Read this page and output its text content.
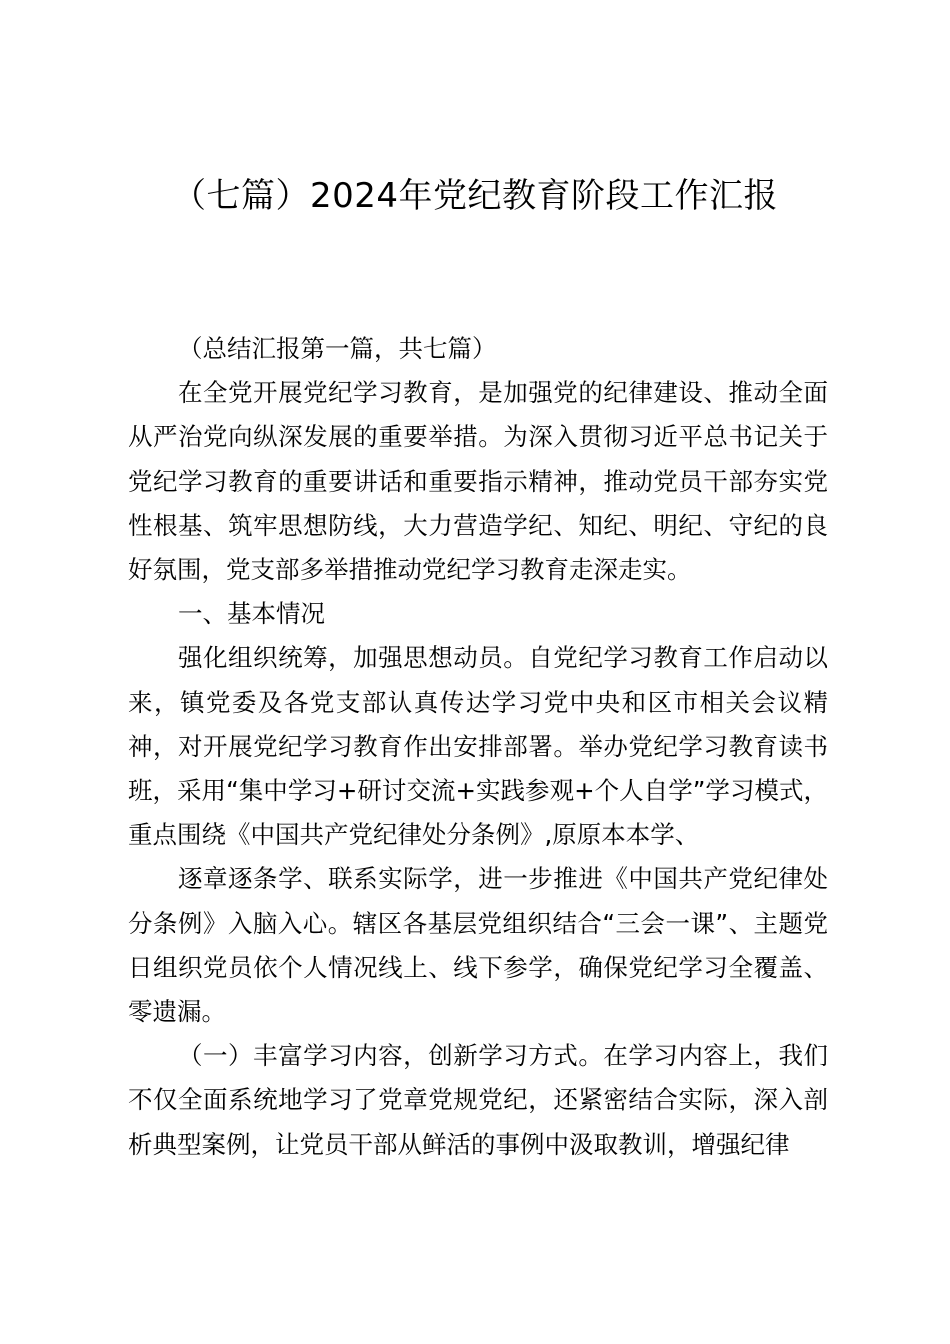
（七篇）2024年党纪教育阶段工作汇报

（总结汇报第一篇，共七篇）

在全党开展党纪学习教育，是加强党的纪律建设、推动全面从严治党向纵深发展的重要举措。为深入贯彻习近平总书记关于党纪学习教育的重要讲话和重要指示精神，推动党员干部夯实党性根基、筑牢思想防线，大力营造学纪、知纪、明纪、守纪的良好氛围，党支部多举措推动党纪学习教育走深走实。

一、基本情况

强化组织统筹，加强思想动员。自党纪学习教育工作启动以来，镇党委及各党支部认真传达学习党中央和区市相关会议精神，对开展党纪学习教育作出安排部署。举办党纪学习教育读书班，采用“集中学习+研讨交流+实践参观+个人自学”学习模式，重点围绕《中国共产党纪律处分条例》,原原本本学、

逐章逐条学、联系实际学，进一步推进《中国共产党纪律处分条例》入脑入心。辖区各基层党组织结合“三会一课”、主题党日组织党员依个人情况线上、线下参学，确保党纪学习全覆盖、零遗漏。

（一）丰富学习内容，创新学习方式。在学习内容上，我们不仅全面系统地学习了党章党规党纪，还紧密结合实际，深入剖析典型案例，让党员干部从鲜活的事例中汲取教训，增强纪律
